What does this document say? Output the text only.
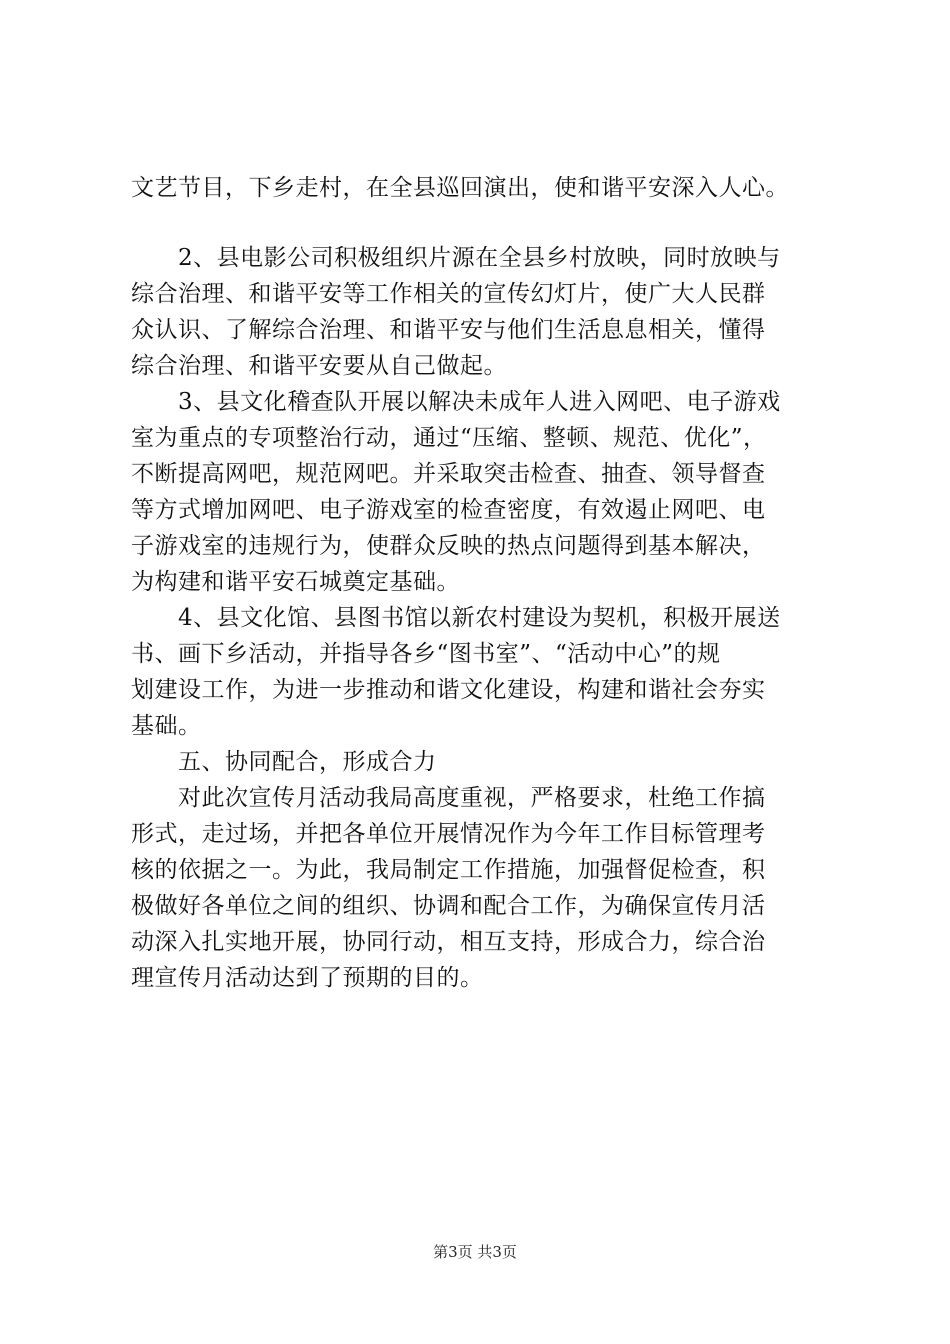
文艺节目，下乡走村，在全县巡回演出，使和谐平安深入人心。
2、县电影公司积极组织片源在全县乡村放映，同时放映与
综合治理、和谐平安等工作相关的宣传幻灯片，使广大人民群
众认识、了解综合治理、和谐平安与他们生活息息相关，懂得
综合治理、和谐平安要从自己做起。
3、县文化稽查队开展以解决未成年人进入网吧、电子游戏
室为重点的专项整治行动，通过“压缩、整顿、规范、优化”，
不断提高网吧，规范网吧。并采取突击检查、抽查、领导督查
等方式增加网吧、电子游戏室的检查密度，有效遏止网吧、电
子游戏室的违规行为，使群众反映的热点问题得到基本解决，
为构建和谐平安石城奠定基础。
4、县文化馆、县图书馆以新农村建设为契机，积极开展送
书、画下乡活动，并指导各乡“图书室”、“活动中心”的规
划建设工作，为进一步推动和谐文化建设，构建和谐社会夯实
基础。
五、协同配合，形成合力
对此次宣传月活动我局高度重视，严格要求，杜绝工作搞
形式，走过场，并把各单位开展情况作为今年工作目标管理考
核的依据之一。为此，我局制定工作措施，加强督促检查，积
极做好各单位之间的组织、协调和配合工作，为确保宣传月活
动深入扎实地开展，协同行动，相互支持，形成合力，综合治
理宣传月活动达到了预期的目的。
第3页 共3页
